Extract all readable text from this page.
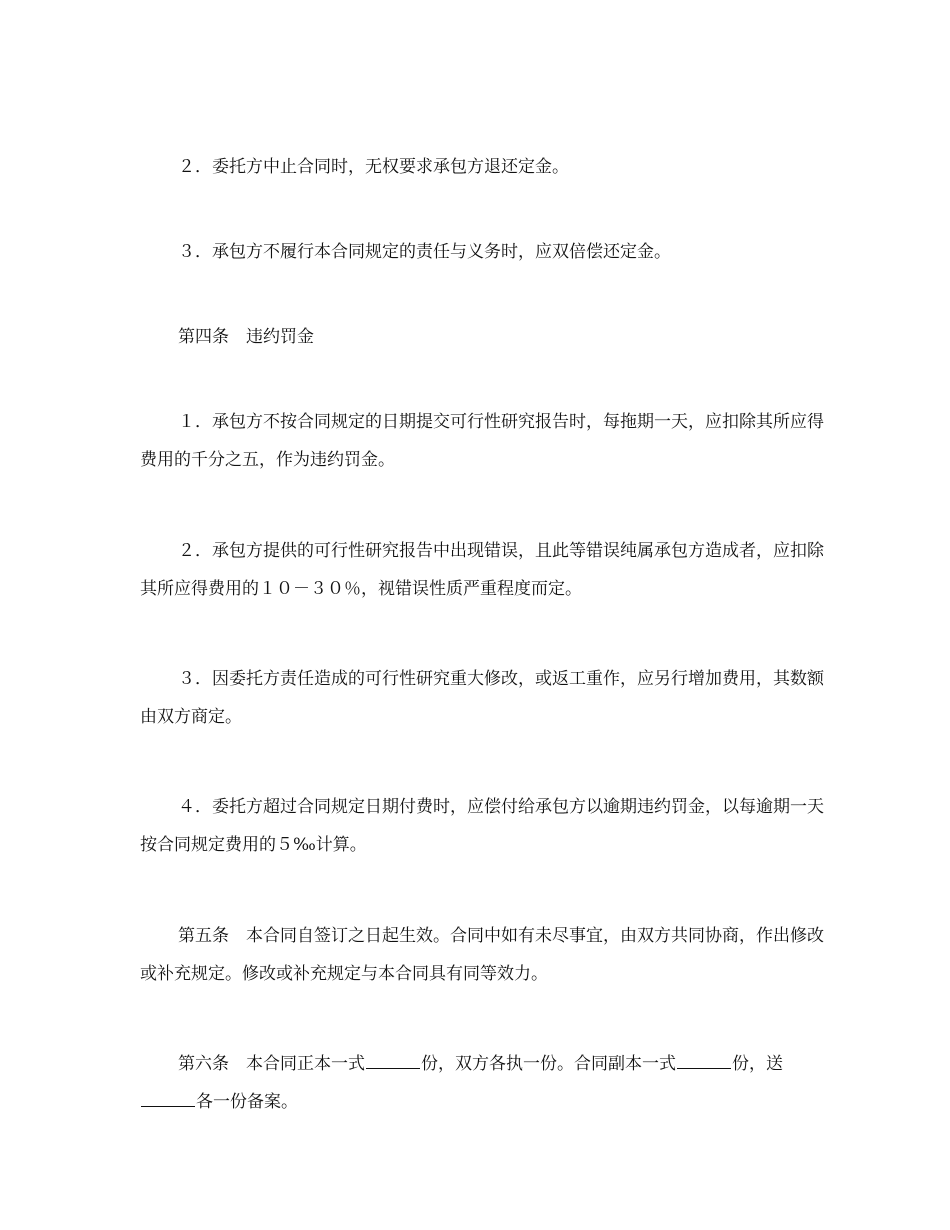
２．委托方中止合同时，无权要求承包方退还定金。

３．承包方不履行本合同规定的责任与义务时，应双倍偿还定金。

第四条　违约罚金

１．承包方不按合同规定的日期提交可行性研究报告时，每拖期一天，应扣除其所应得费用的千分之五，作为违约罚金。

２．承包方提供的可行性研究报告中出现错误，且此等错误纯属承包方造成者，应扣除其所应得费用的１０－３０％，视错误性质严重程度而定。

３．因委托方责任造成的可行性研究重大修改，或返工重作，应另行增加费用，其数额由双方商定。

４．委托方超过合同规定日期付费时，应偿付给承包方以逾期违约罚金，以每逾期一天按合同规定费用的５‰计算。

第五条　本合同自签订之日起生效。合同中如有未尽事宜，由双方共同协商，作出修改或补充规定。修改或补充规定与本合同具有同等效力。

第六条　本合同正本一式	份，双方各执一份。合同副本一式	份，送各一份备案。
